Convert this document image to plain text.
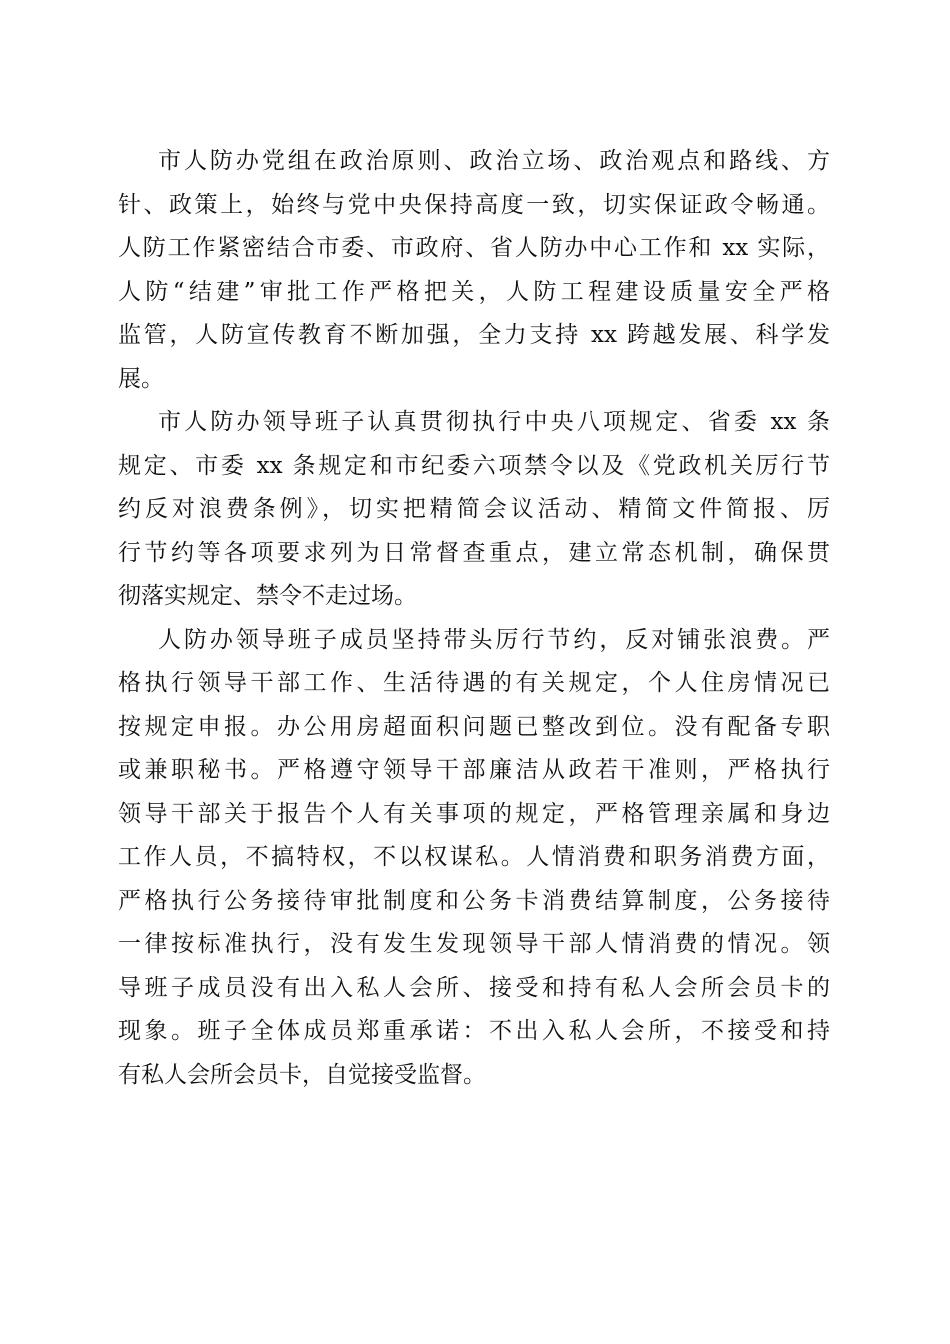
市人防办党组在政治原则、政治立场、政治观点和路线、方
针、政策上，始终与党中央保持高度一致，切实保证政令畅通。
人防工作紧密结合市委、市政府、省人防办中心工作和 xx 实际，
人防“结建”审批工作严格把关，人防工程建设质量安全严格
监管，人防宣传教育不断加强，全力支持 xx 跨越发展、科学发
展。
市人防办领导班子认真贯彻执行中央八项规定、省委 xx 条
规定、市委 xx 条规定和市纪委六项禁令以及《党政机关厉行节
约反对浪费条例》，切实把精简会议活动、精简文件简报、厉
行节约等各项要求列为日常督查重点，建立常态机制，确保贯
彻落实规定、禁令不走过场。
人防办领导班子成员坚持带头厉行节约，反对铺张浪费。严
格执行领导干部工作、生活待遇的有关规定，个人住房情况已
按规定申报。办公用房超面积问题已整改到位。没有配备专职
或兼职秘书。严格遵守领导干部廉洁从政若干准则，严格执行
领导干部关于报告个人有关事项的规定，严格管理亲属和身边
工作人员，不搞特权，不以权谋私。人情消费和职务消费方面，
严格执行公务接待审批制度和公务卡消费结算制度，公务接待
一律按标准执行，没有发生发现领导干部人情消费的情况。领
导班子成员没有出入私人会所、接受和持有私人会所会员卡的
现象。班子全体成员郑重承诺：不出入私人会所，不接受和持
有私人会所会员卡，自觉接受监督。
